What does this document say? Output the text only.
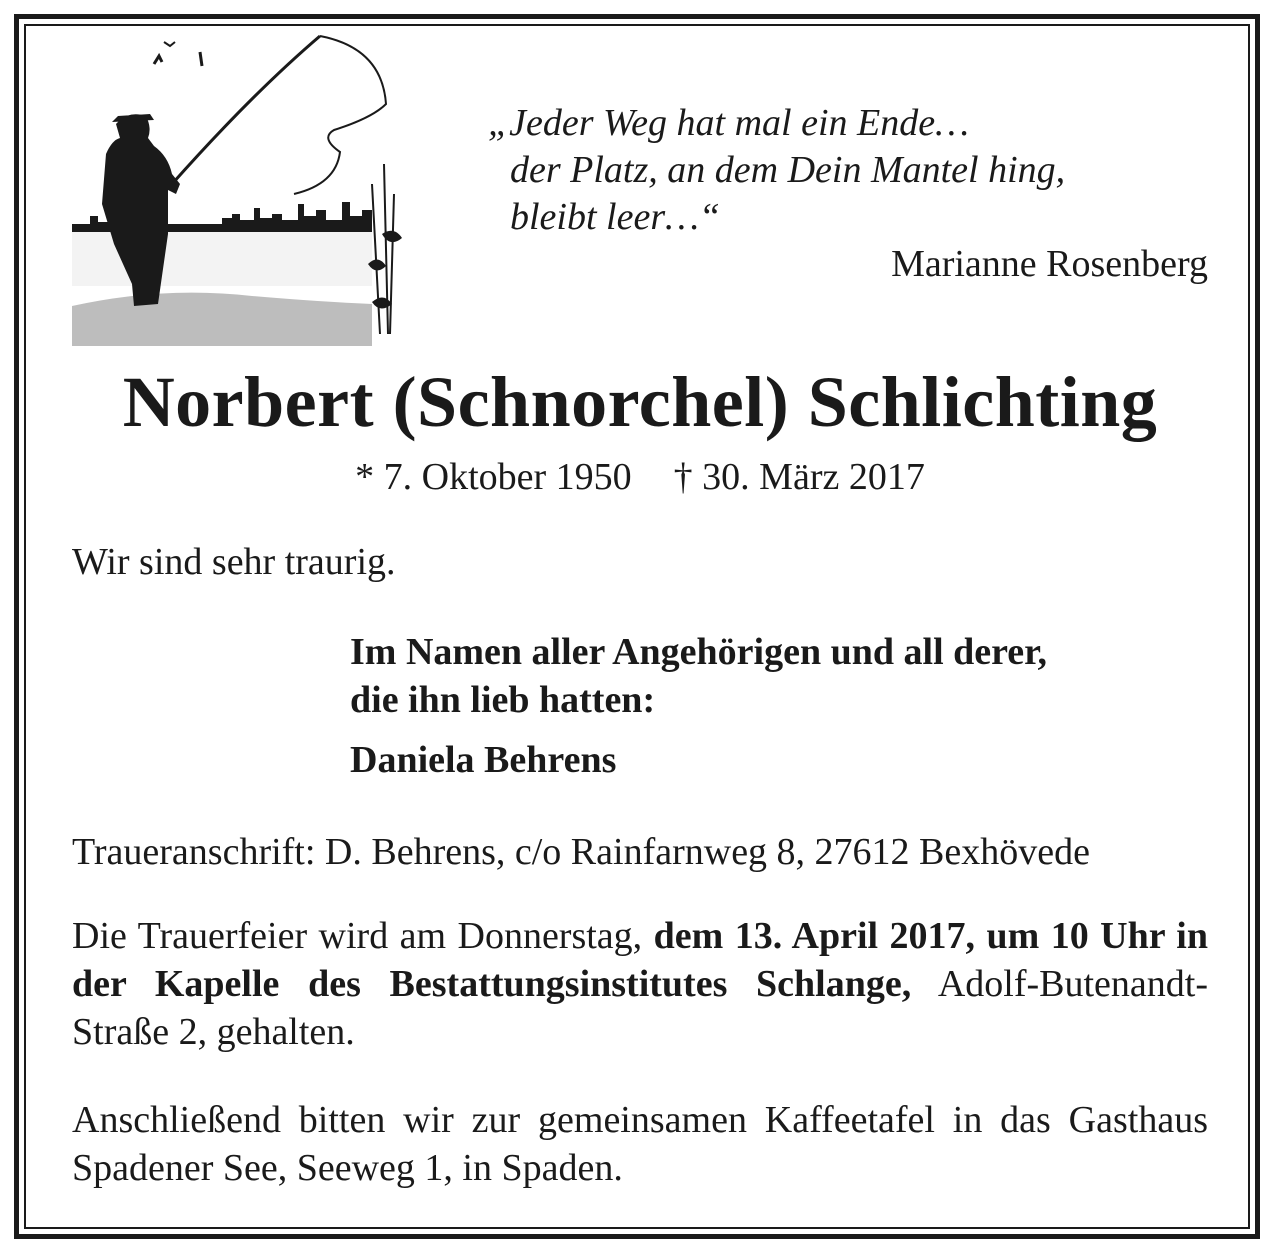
„Jeder Weg hat mal ein Ende…
der Platz, an dem Dein Mantel hing,
bleibt leer…“
Marianne Rosenberg
Norbert (Schnorchel) Schlichting
* 7. Oktober 1950 † 30. März 2017
Wir sind sehr traurig.
Im Namen aller Angehörigen und all derer,
die ihn lieb hatten:
Daniela Behrens
Traueranschrift: D. Behrens, c/o Rainfarnweg 8, 27612 Bexhövede
Die Trauerfeier wird am Donnerstag, dem 13. April 2017, um 10 Uhr in der Kapelle des Bestattungsinstitutes Schlange, Adolf-Butenandt-Straße 2, gehalten.
Anschließend bitten wir zur gemeinsamen Kaffeetafel in das Gasthaus Spadener See, Seeweg 1, in Spaden.
